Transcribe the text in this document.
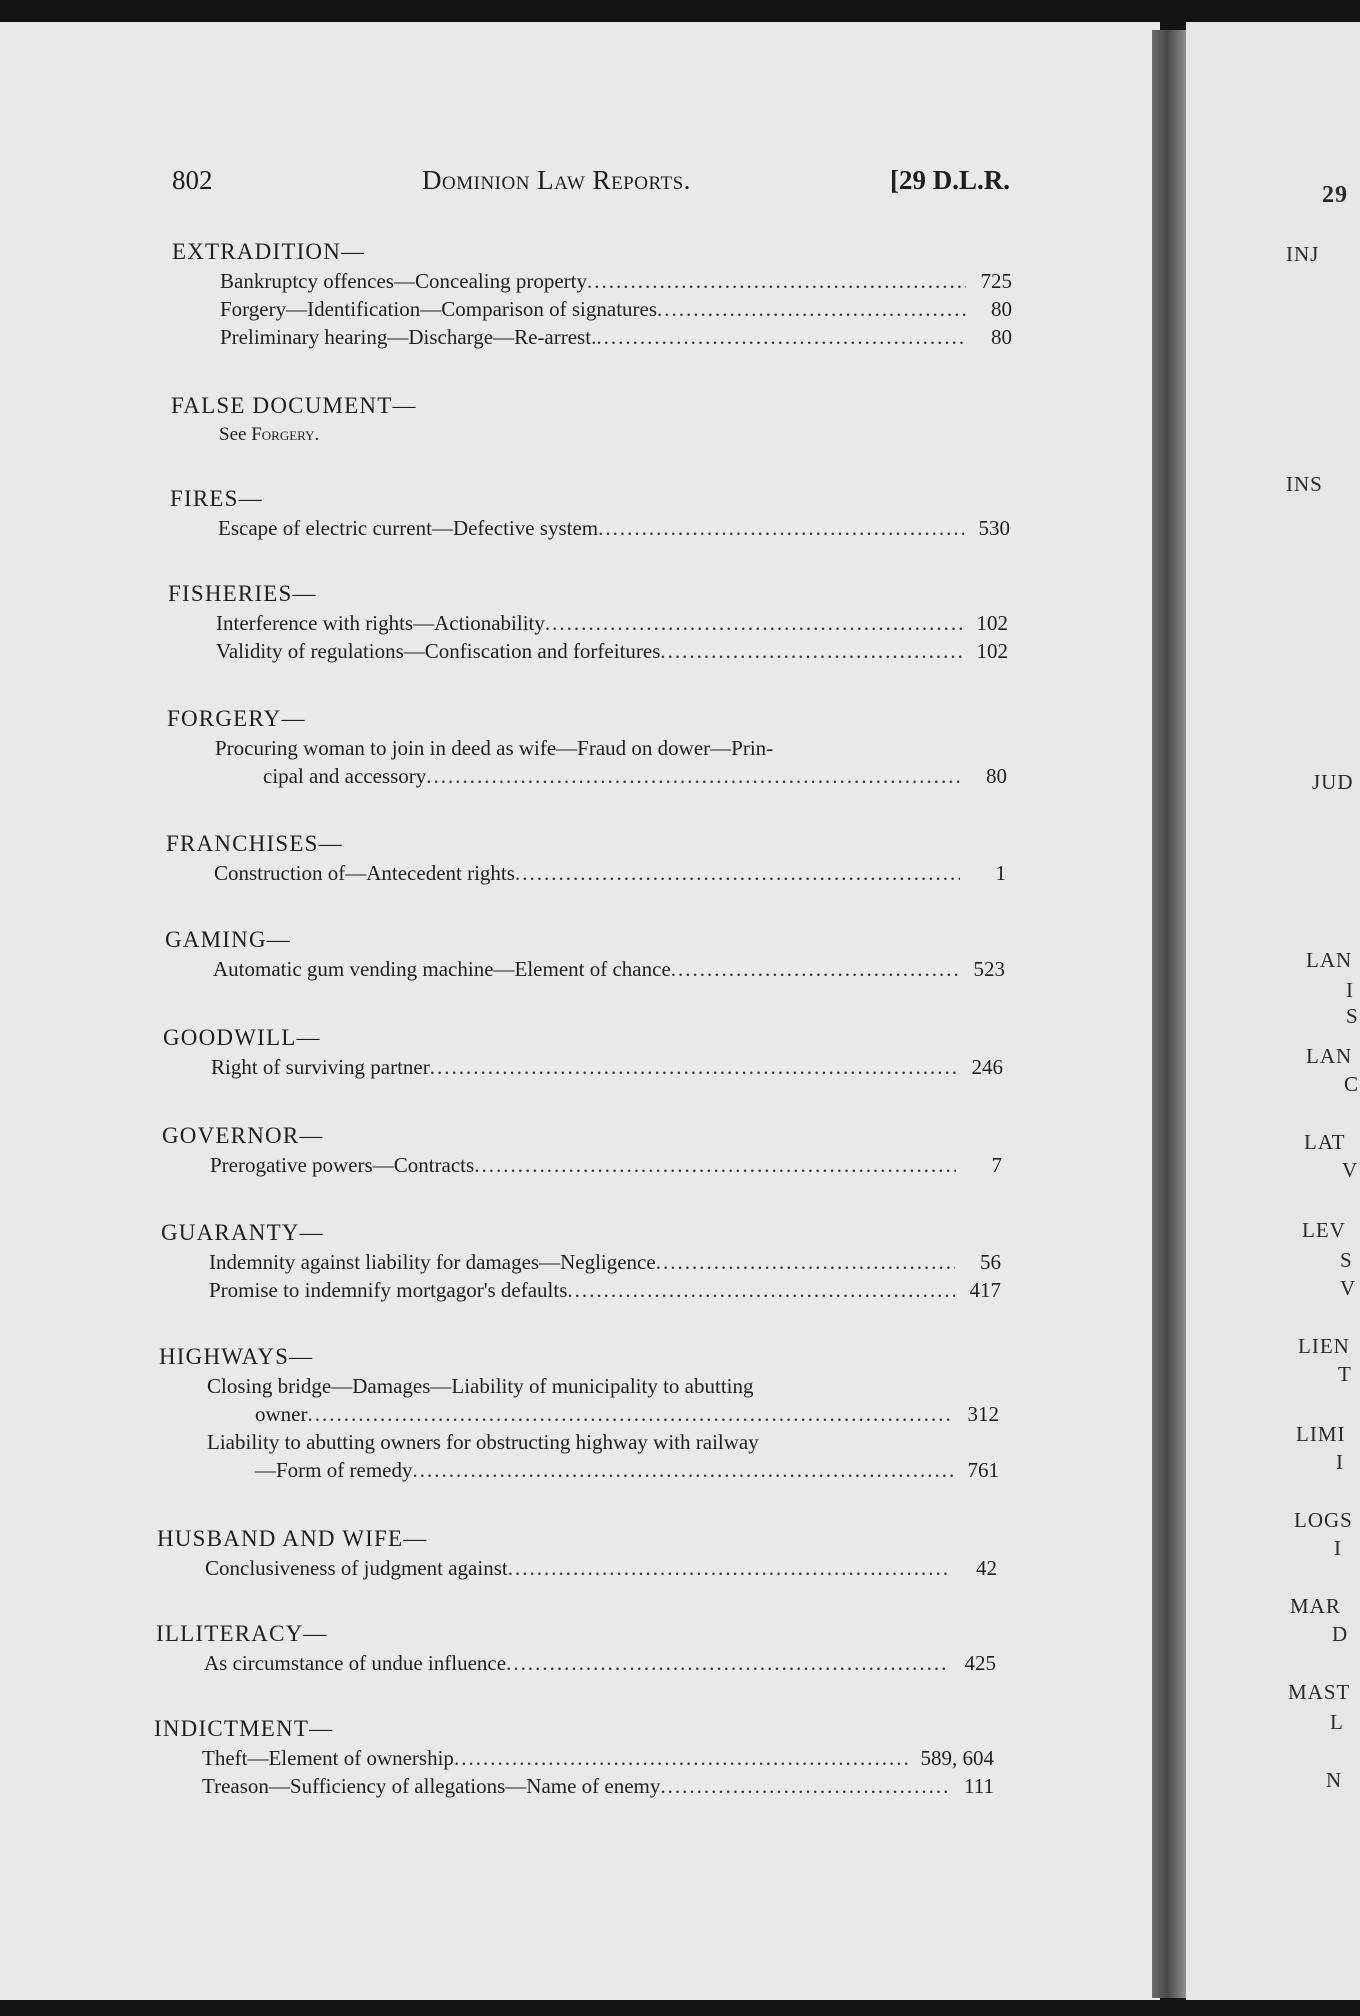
802	Dominion Law Reports.	[29 D.L.R.
EXTRADITION—
Bankruptcy offences—Concealing property .....	725
Forgery—Identification—Comparison of signatures .....	80
Preliminary hearing—Discharge—Re-arrest. .....	80
FALSE DOCUMENT—
See Forgery.
FIRES—
Escape of electric current—Defective system .....	530
FISHERIES—
Interference with rights—Actionability .....	102
Validity of regulations—Confiscation and forfeitures .....	102
FORGERY—
Procuring woman to join in deed as wife—Fraud on dower—Prin-
cipal and accessory .....	80
FRANCHISES—
Construction of—Antecedent rights .....	1
GAMING—
Automatic gum vending machine—Element of chance .....	523
GOODWILL—
Right of surviving partner .....	246
GOVERNOR—
Prerogative powers—Contracts .....	7
GUARANTY—
Indemnity against liability for damages—Negligence .....	56
Promise to indemnify mortgagor's defaults .....	417
HIGHWAYS—
Closing bridge—Damages—Liability of municipality to abutting
owner .....	312
Liability to abutting owners for obstructing highway with railway
—Form of remedy .....	761
HUSBAND AND WIFE—
Conclusiveness of judgment against .....	42
ILLITERACY—
As circumstance of undue influence .....	425
INDICTMENT—
Theft—Element of ownership .....	589, 604
Treason—Sufficiency of allegations—Name of enemy .....	111
29
INJ
INS
JUD
LAN
I
S
LAN
C
LAT
V
LEV
S
V
LIEN
T
LIMI
I
LOGS
I
MAR
D
MAST
L
N
